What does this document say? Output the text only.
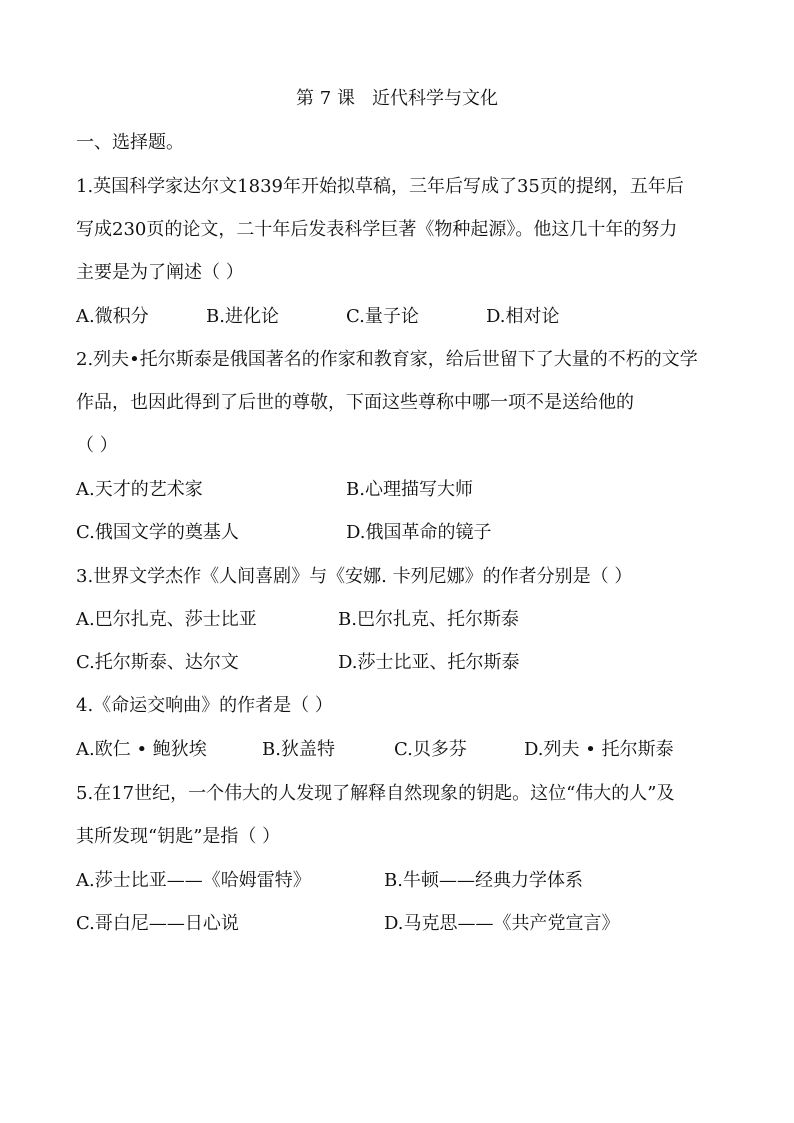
第 7 课   近代科学与文化
一、选择题。
1.英国科学家达尔文1839年开始拟草稿，三年后写成了35页的提纲，五年后
写成230页的论文，二十年后发表科学巨著《物种起源》。他这几十年的努力
主要是为了阐述（ ）
A.微积分	B.进化论	C.量子论	D.相对论
2.列夫•托尔斯泰是俄国著名的作家和教育家，给后世留下了大量的不朽的文学
作品，也因此得到了后世的尊敬，下面这些尊称中哪一项不是送给他的
（ ）
A.天才的艺术家	B.心理描写大师
C.俄国文学的奠基人	D.俄国革命的镜子
3.世界文学杰作《人间喜剧》与《安娜. 卡列尼娜》的作者分别是（ ）
A.巴尔扎克、莎士比亚	B.巴尔扎克、托尔斯泰
C.托尔斯泰、达尔文	D.莎士比亚、托尔斯泰
4.《命运交响曲》的作者是（ ）
A.欧仁 • 鲍狄埃	B.狄盖特	C.贝多芬	D.列夫 • 托尔斯泰
5.在17世纪，一个伟大的人发现了解释自然现象的钥匙。这位“伟大的人”及
其所发现“钥匙”是指（ ）
A.莎士比亚——《哈姆雷特》	B.牛顿——经典力学体系
C.哥白尼——日心说	D.马克思——《共产党宣言》
